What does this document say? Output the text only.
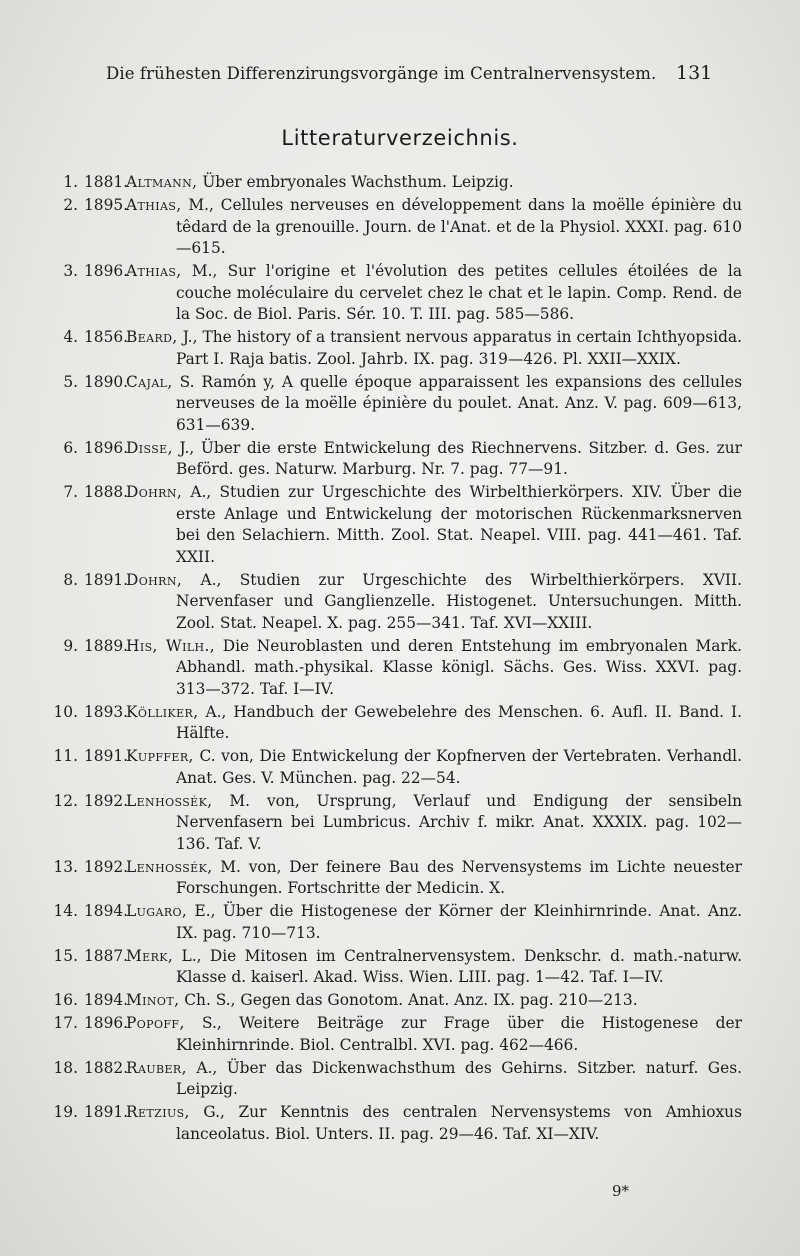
Die frühesten Differenzirungsvorgänge im Centralnervensystem.	131
Litteraturverzeichnis.
1. 1881.
Altmann, Über embryonales Wachsthum. Leipzig.
2. 1895.
Athias, M., Cellules nerveuses en développement dans la moëlle épinière du têdard de la grenouille. Journ. de l'Anat. et de la Physiol. XXXI. pag. 610—615.
3. 1896.
Athias, M., Sur l'origine et l'évolution des petites cellules étoilées de la couche moléculaire du cervelet chez le chat et le lapin. Comp. Rend. de la Soc. de Biol. Paris. Sér. 10. T. III. pag. 585—586.
4. 1856.
Beard, J., The history of a transient nervous apparatus in certain Ichthyopsida. Part I. Raja batis. Zool. Jahrb. IX. pag. 319—426. Pl. XXII—XXIX.
5. 1890.
Cajal, S. Ramón y, A quelle époque apparaissent les expansions des cellules nerveuses de la moëlle épinière du poulet. Anat. Anz. V. pag. 609—613, 631—639.
6. 1896.
Disse, J., Über die erste Entwickelung des Riechnervens. Sitzber. d. Ges. zur Beförd. ges. Naturw. Marburg. Nr. 7. pag. 77—91.
7. 1888.
Dohrn, A., Studien zur Urgeschichte des Wirbelthierkörpers. XIV. Über die erste Anlage und Entwickelung der motorischen Rückenmarksnerven bei den Selachiern. Mitth. Zool. Stat. Neapel. VIII. pag. 441—461. Taf. XXII.
8. 1891.
Dohrn, A., Studien zur Urgeschichte des Wirbelthierkörpers. XVII. Nervenfaser und Ganglienzelle. Histogenet. Untersuchungen. Mitth. Zool. Stat. Neapel. X. pag. 255—341. Taf. XVI—XXIII.
9. 1889.
His, Wilh., Die Neuroblasten und deren Entstehung im embryonalen Mark. Abhandl. math.-physikal. Klasse königl. Sächs. Ges. Wiss. XXVI. pag. 313—372. Taf. I—IV.
10. 1893.
Kölliker, A., Handbuch der Gewebelehre des Menschen. 6. Aufl. II. Band. I. Hälfte.
11. 1891.
Kupffer, C. von, Die Entwickelung der Kopfnerven der Vertebraten. Verhandl. Anat. Ges. V. München. pag. 22—54.
12. 1892.
Lenhossék, M. von, Ursprung, Verlauf und Endigung der sensibeln Nervenfasern bei Lumbricus. Archiv f. mikr. Anat. XXXIX. pag. 102—136. Taf. V.
13. 1892.
Lenhossék, M. von, Der feinere Bau des Nervensystems im Lichte neuester Forschungen. Fortschritte der Medicin. X.
14. 1894.
Lugaro, E., Über die Histogenese der Körner der Kleinhirnrinde. Anat. Anz. IX. pag. 710—713.
15. 1887.
Merk, L., Die Mitosen im Centralnervensystem. Denkschr. d. math.-naturw. Klasse d. kaiserl. Akad. Wiss. Wien. LIII. pag. 1—42. Taf. I—IV.
16. 1894.
Minot, Ch. S., Gegen das Gonotom. Anat. Anz. IX. pag. 210—213.
17. 1896.
Popoff, S., Weitere Beiträge zur Frage über die Histogenese der Kleinhirnrinde. Biol. Centralbl. XVI. pag. 462—466.
18. 1882.
Rauber, A., Über das Dickenwachsthum des Gehirns. Sitzber. naturf. Ges. Leipzig.
19. 1891.
Retzius, G., Zur Kenntnis des centralen Nervensystems von Amhioxus lanceolatus. Biol. Unters. II. pag. 29—46. Taf. XI—XIV.
9*
